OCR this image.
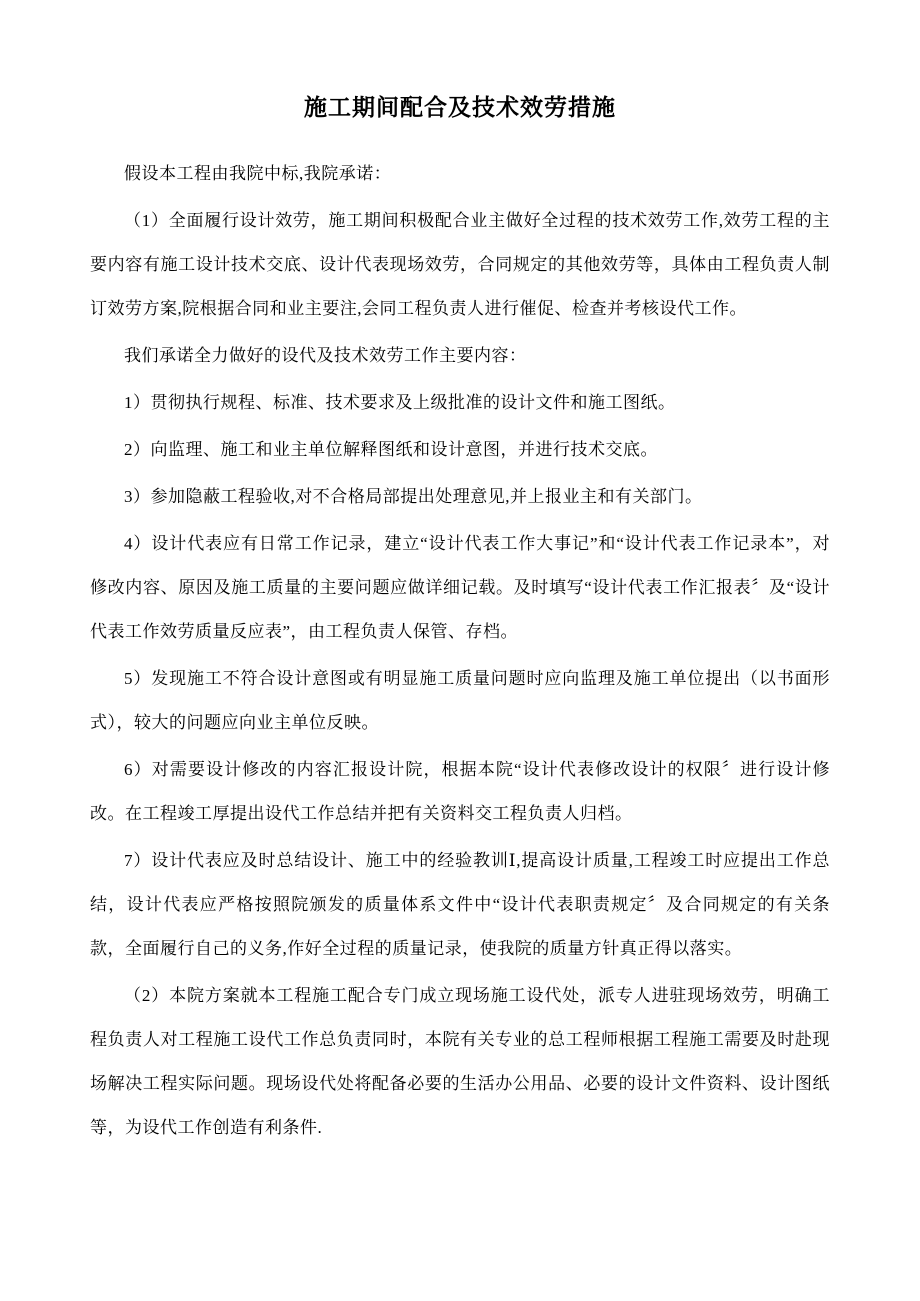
施工期间配合及技术效劳措施

假设本工程由我院中标,我院承诺：

（1）全面履行设计效劳，施工期间积极配合业主做好全过程的技术效劳工作,效劳工程的主要内容有施工设计技术交底、设计代表现场效劳，合同规定的其他效劳等，具体由工程负责人制订效劳方案,院根据合同和业主要注,会同工程负责人进行催促、检查并考核设代工作。

我们承诺全力做好的设代及技术效劳工作主要内容：

1）贯彻执行规程、标准、技术要求及上级批准的设计文件和施工图纸。

2）向监理、施工和业主单位解释图纸和设计意图，并进行技术交底。

3）参加隐蔽工程验收,对不合格局部提出处理意见,并上报业主和有关部门。

4）设计代表应有日常工作记录，建立“设计代表工作大事记”和“设计代表工作记录本”，对修改内容、原因及施工质量的主要问题应做详细记载。及时填写“设计代表工作汇报表〞及“设计代表工作效劳质量反应表”，由工程负责人保管、存档。

5）发现施工不符合设计意图或有明显施工质量问题时应向监理及施工单位提出（以书面形式），较大的问题应向业主单位反映。

6）对需要设计修改的内容汇报设计院，根据本院“设计代表修改设计的权限〞进行设计修改。在工程竣工厚提出设代工作总结并把有关资料交工程负责人归档。

7）设计代表应及时总结设计、施工中的经验教训Ⅰ,提高设计质量,工程竣工时应提出工作总结，设计代表应严格按照院颁发的质量体系文件中“设计代表职责规定〞及合同规定的有关条款，全面履行自己的义务,作好全过程的质量记录，使我院的质量方针真正得以落实。

（2）本院方案就本工程施工配合专门成立现场施工设代处，派专人进驻现场效劳，明确工程负责人对工程施工设代工作总负责同时，本院有关专业的总工程师根据工程施工需要及时赴现场解决工程实际问题。现场设代处将配备必要的生活办公用品、必要的设计文件资料、设计图纸等，为设代工作创造有利条件.
